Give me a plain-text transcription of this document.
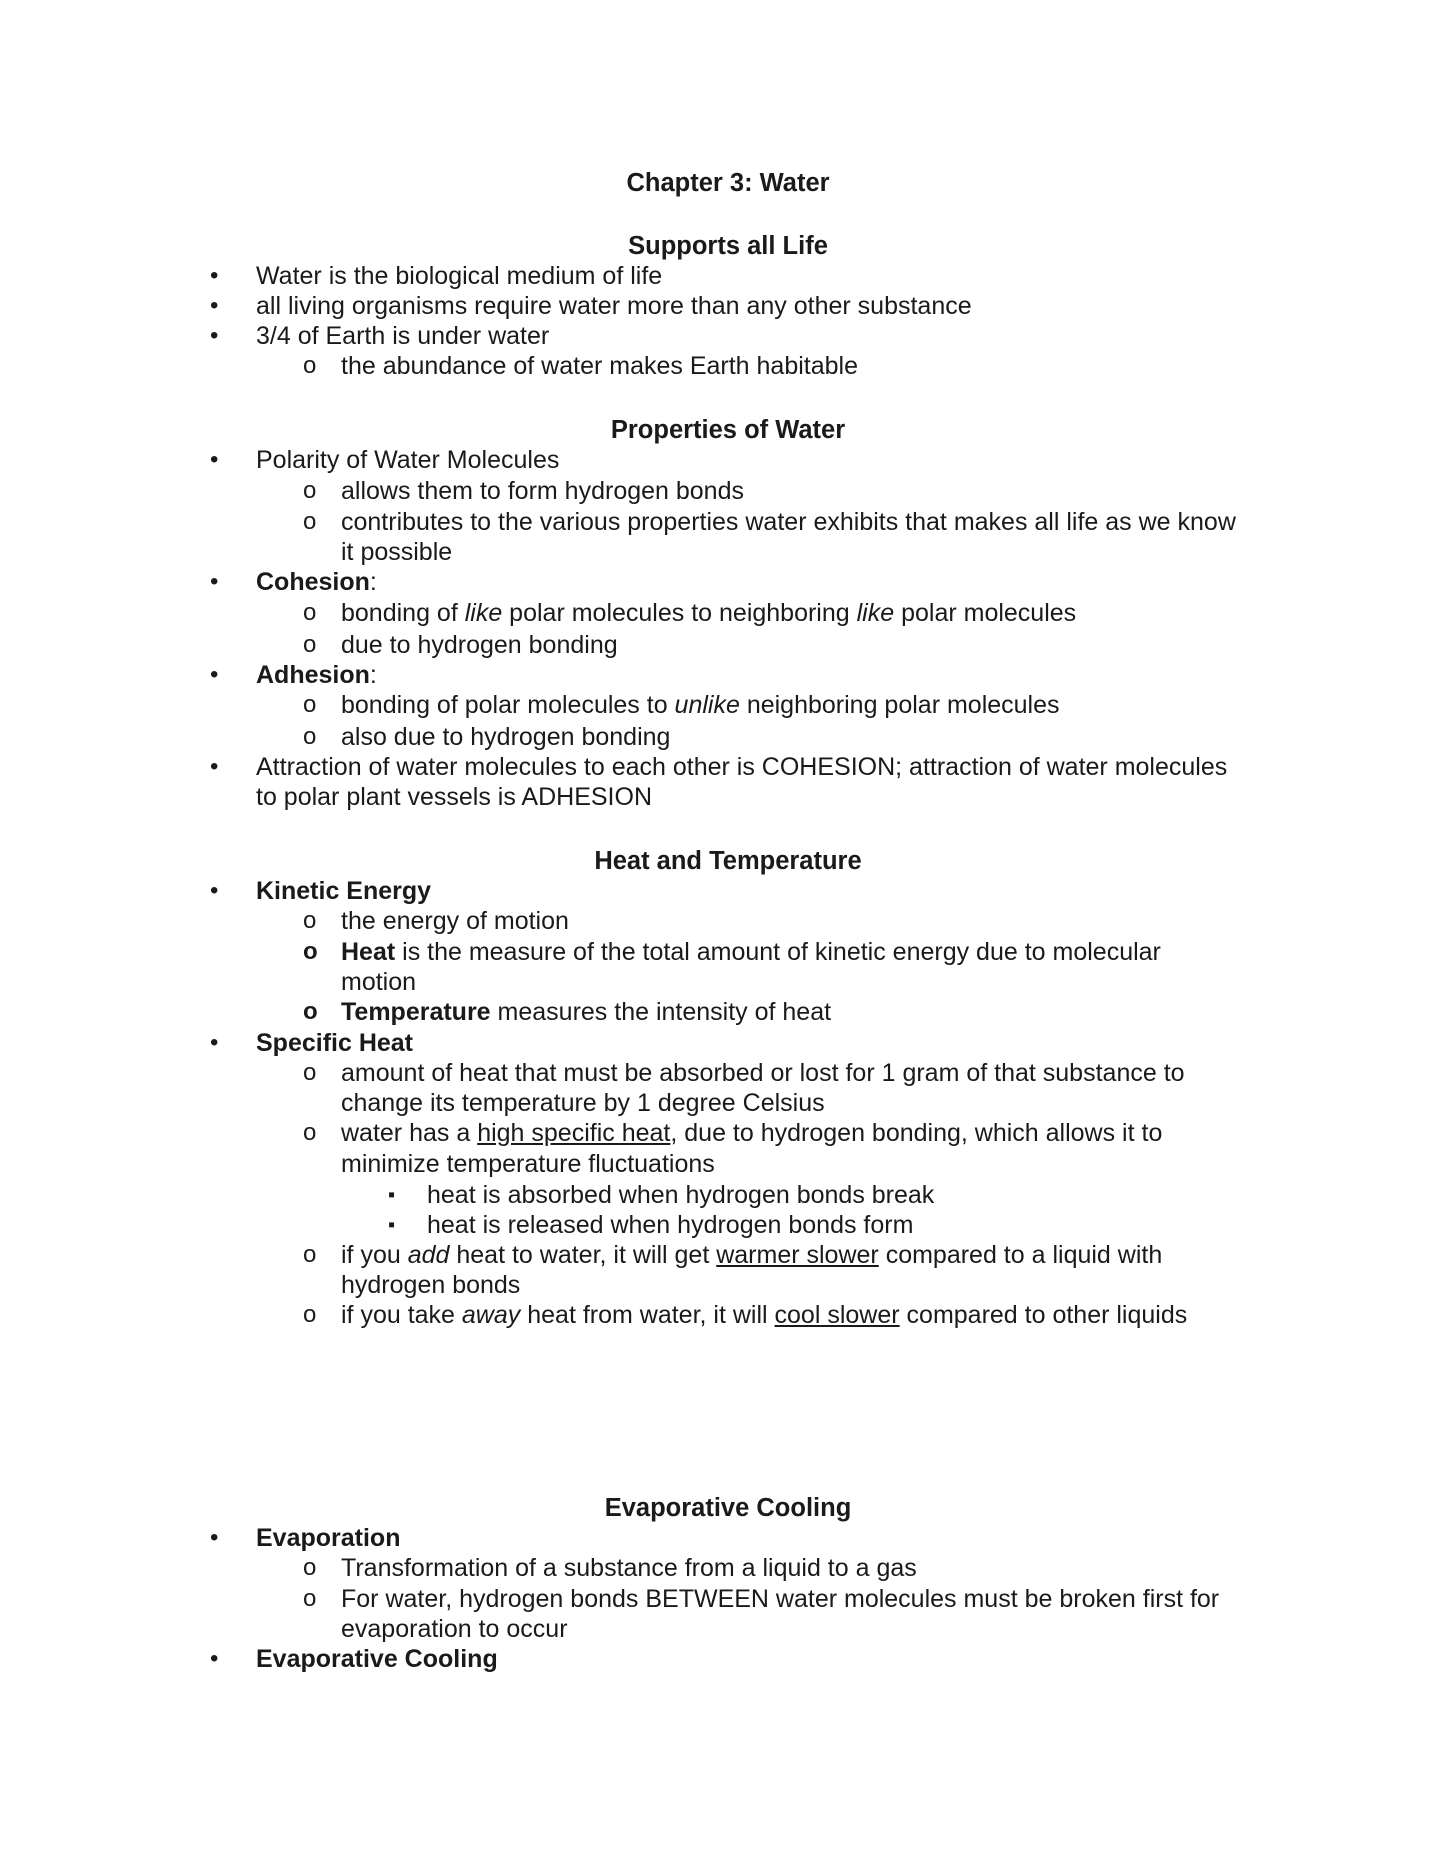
Chapter 3: Water
Supports all Life
• Water is the biological medium of life
• all living organisms require water more than any other substance
• 3/4 of Earth is under water
o the abundance of water makes Earth habitable
Properties of Water
• Polarity of Water Molecules
o allows them to form hydrogen bonds
o contributes to the various properties water exhibits that makes all life as we know
it possible
• Cohesion:
o bonding of like polar molecules to neighboring like polar molecules
o due to hydrogen bonding
• Adhesion:
o bonding of polar molecules to unlike neighboring polar molecules
o also due to hydrogen bonding
• Attraction of water molecules to each other is COHESION; attraction of water molecules
to polar plant vessels is ADHESION
Heat and Temperature
• Kinetic Energy
o the energy of motion
o Heat is the measure of the total amount of kinetic energy due to molecular
motion
o Temperature measures the intensity of heat
• Specific Heat
o amount of heat that must be absorbed or lost for 1 gram of that substance to
change its temperature by 1 degree Celsius
o water has a high specific heat, due to hydrogen bonding, which allows it to
minimize temperature fluctuations
▪ heat is absorbed when hydrogen bonds break
▪ heat is released when hydrogen bonds form
o if you add heat to water, it will get warmer slower compared to a liquid with
hydrogen bonds
o if you take away heat from water, it will cool slower compared to other liquids
Evaporative Cooling
• Evaporation
o Transformation of a substance from a liquid to a gas
o For water, hydrogen bonds BETWEEN water molecules must be broken first for
evaporation to occur
• Evaporative Cooling
